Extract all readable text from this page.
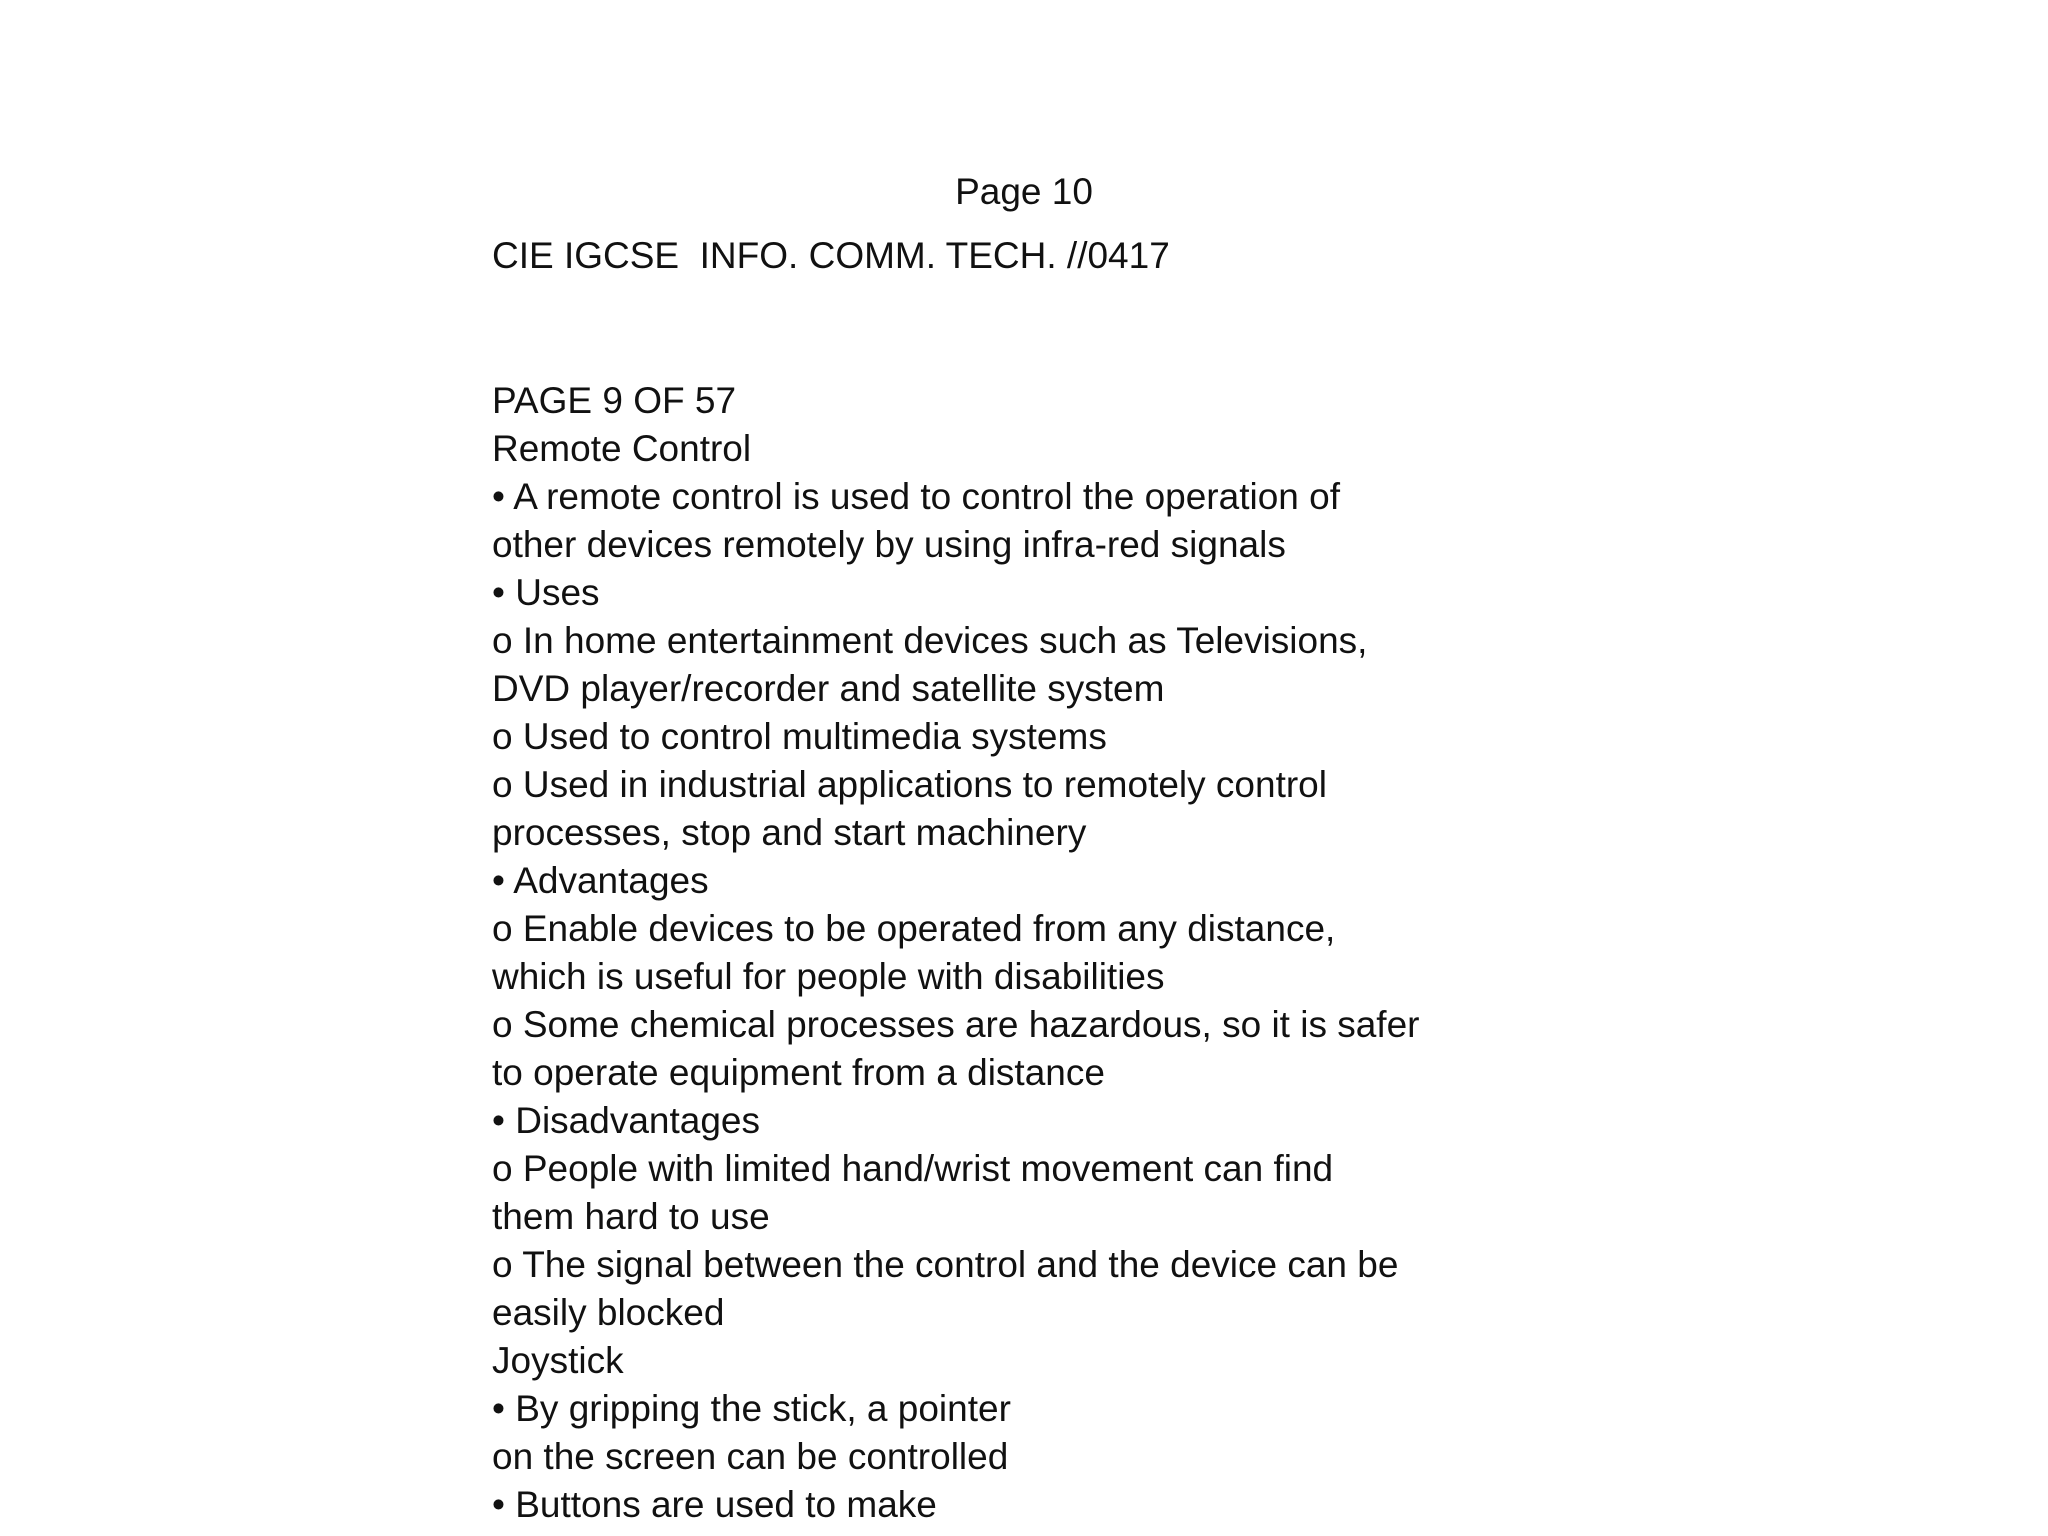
Page 10
CIE IGCSE  INFO. COMM. TECH. //0417
PAGE 9 OF 57
Remote Control
• A remote control is used to control the operation of
other devices remotely by using infra-red signals
• Uses
o In home entertainment devices such as Televisions,
DVD player/recorder and satellite system
o Used to control multimedia systems
o Used in industrial applications to remotely control
processes, stop and start machinery
• Advantages
o Enable devices to be operated from any distance,
which is useful for people with disabilities
o Some chemical processes are hazardous, so it is safer
to operate equipment from a distance
• Disadvantages
o People with limited hand/wrist movement can find
them hard to use
o The signal between the control and the device can be
easily blocked
Joystick
• By gripping the stick, a pointer
on the screen can be controlled
• Buttons are used to make
